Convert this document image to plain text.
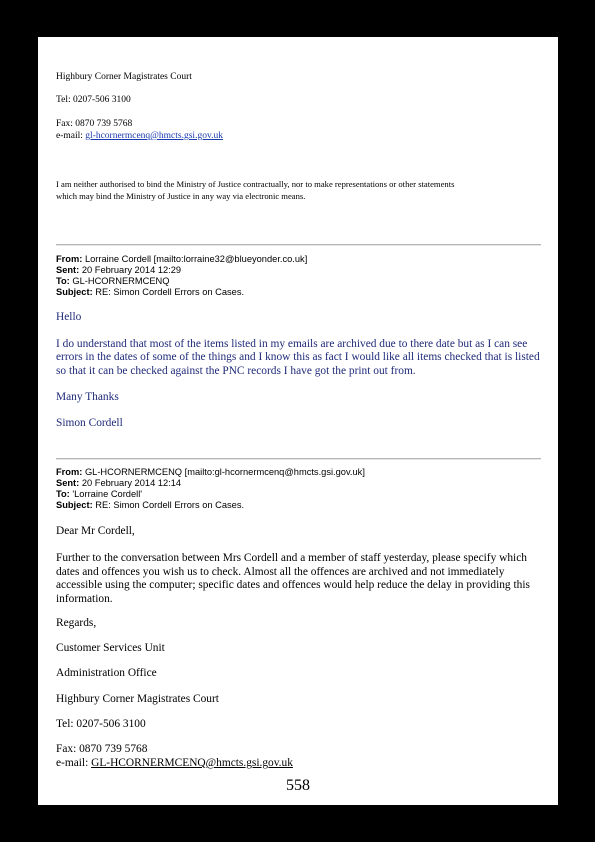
Highbury Corner Magistrates Court
Tel: 0207-506 3100
Fax: 0870 739 5768
e-mail: gl-hcornermcenq@hmcts.gsi.gov.uk
I am neither authorised to bind the Ministry of Justice contractually, nor to make representations or other statements
which may bind the Ministry of Justice in any way via electronic means.
From: Lorraine Cordell [mailto:lorraine32@blueyonder.co.uk]
Sent: 20 February 2014 12:29
To: GL-HCORNERMCENQ
Subject: RE: Simon Cordell Errors on Cases.
Hello
I do understand that most of the items listed in my emails are archived due to there date but as I can see errors in the dates of some of the things and I know this as fact I would like all items checked that is listed so that it can be checked against the PNC records I have got the print out from.
Many Thanks
Simon Cordell
From: GL-HCORNERMCENQ [mailto:gl-hcornermcenq@hmcts.gsi.gov.uk]
Sent: 20 February 2014 12:14
To: 'Lorraine Cordell'
Subject: RE: Simon Cordell Errors on Cases.
Dear Mr Cordell,
Further to the conversation between Mrs Cordell and a member of staff yesterday, please specify which dates and offences you wish us to check. Almost all the offences are archived and not immediately accessible using the computer; specific dates and offences would help reduce the delay in providing this information.
Regards,
Customer Services Unit
Administration Office
Highbury Corner Magistrates Court
Tel: 0207-506 3100
Fax: 0870 739 5768
e-mail: GL-HCORNERMCENQ@hmcts.gsi.gov.uk
558
